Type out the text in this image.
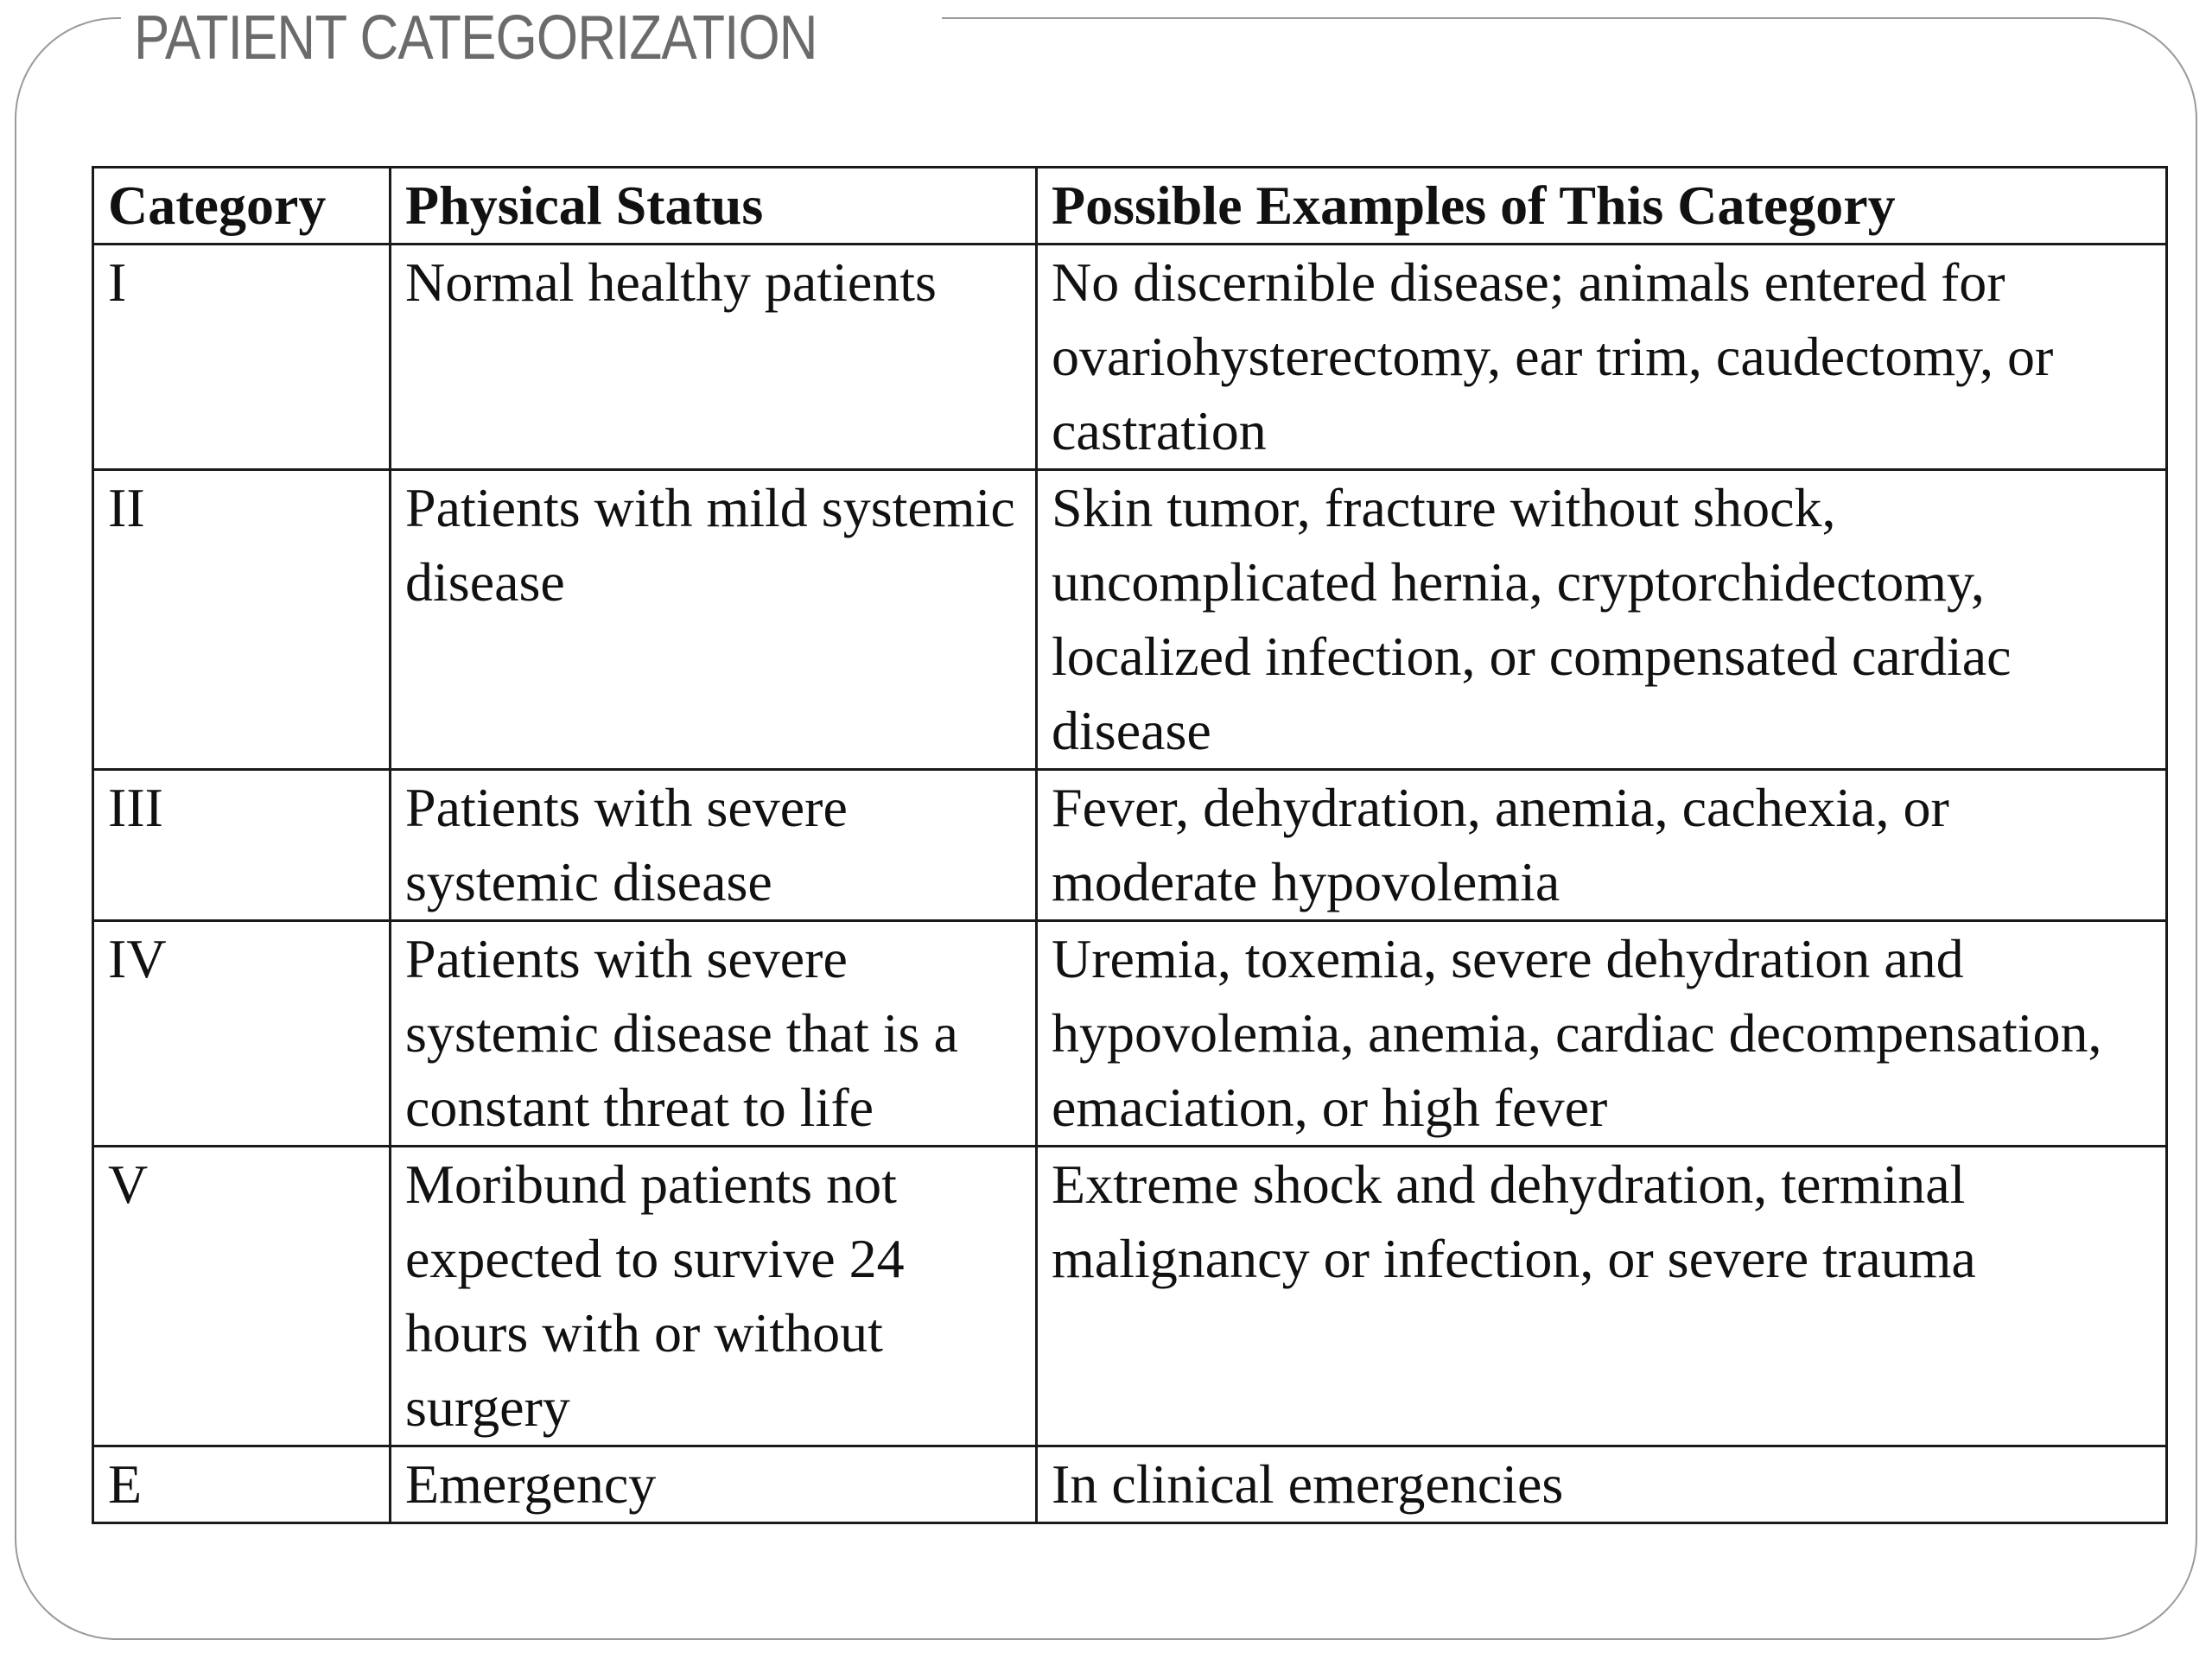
PATIENT CATEGORIZATION
Category	Physical Status	Possible Examples of This Category
I	Normal healthy patients	No discernible disease; animals entered for ovariohysterectomy, ear trim, caudectomy, or castration
II	Patients with mild systemic disease	Skin tumor, fracture without shock, uncomplicated hernia, cryptorchidectomy, localized infection, or compensated cardiac disease
III	Patients with severe systemic disease	Fever, dehydration, anemia, cachexia, or moderate hypovolemia
IV	Patients with severe systemic disease that is a constant threat to life	Uremia, toxemia, severe dehydration and hypovolemia, anemia, cardiac decompensation, emaciation, or high fever
V	Moribund patients not expected to survive 24 hours with or without surgery	Extreme shock and dehydration, terminal malignancy or infection, or severe trauma
E	Emergency	In clinical emergencies
